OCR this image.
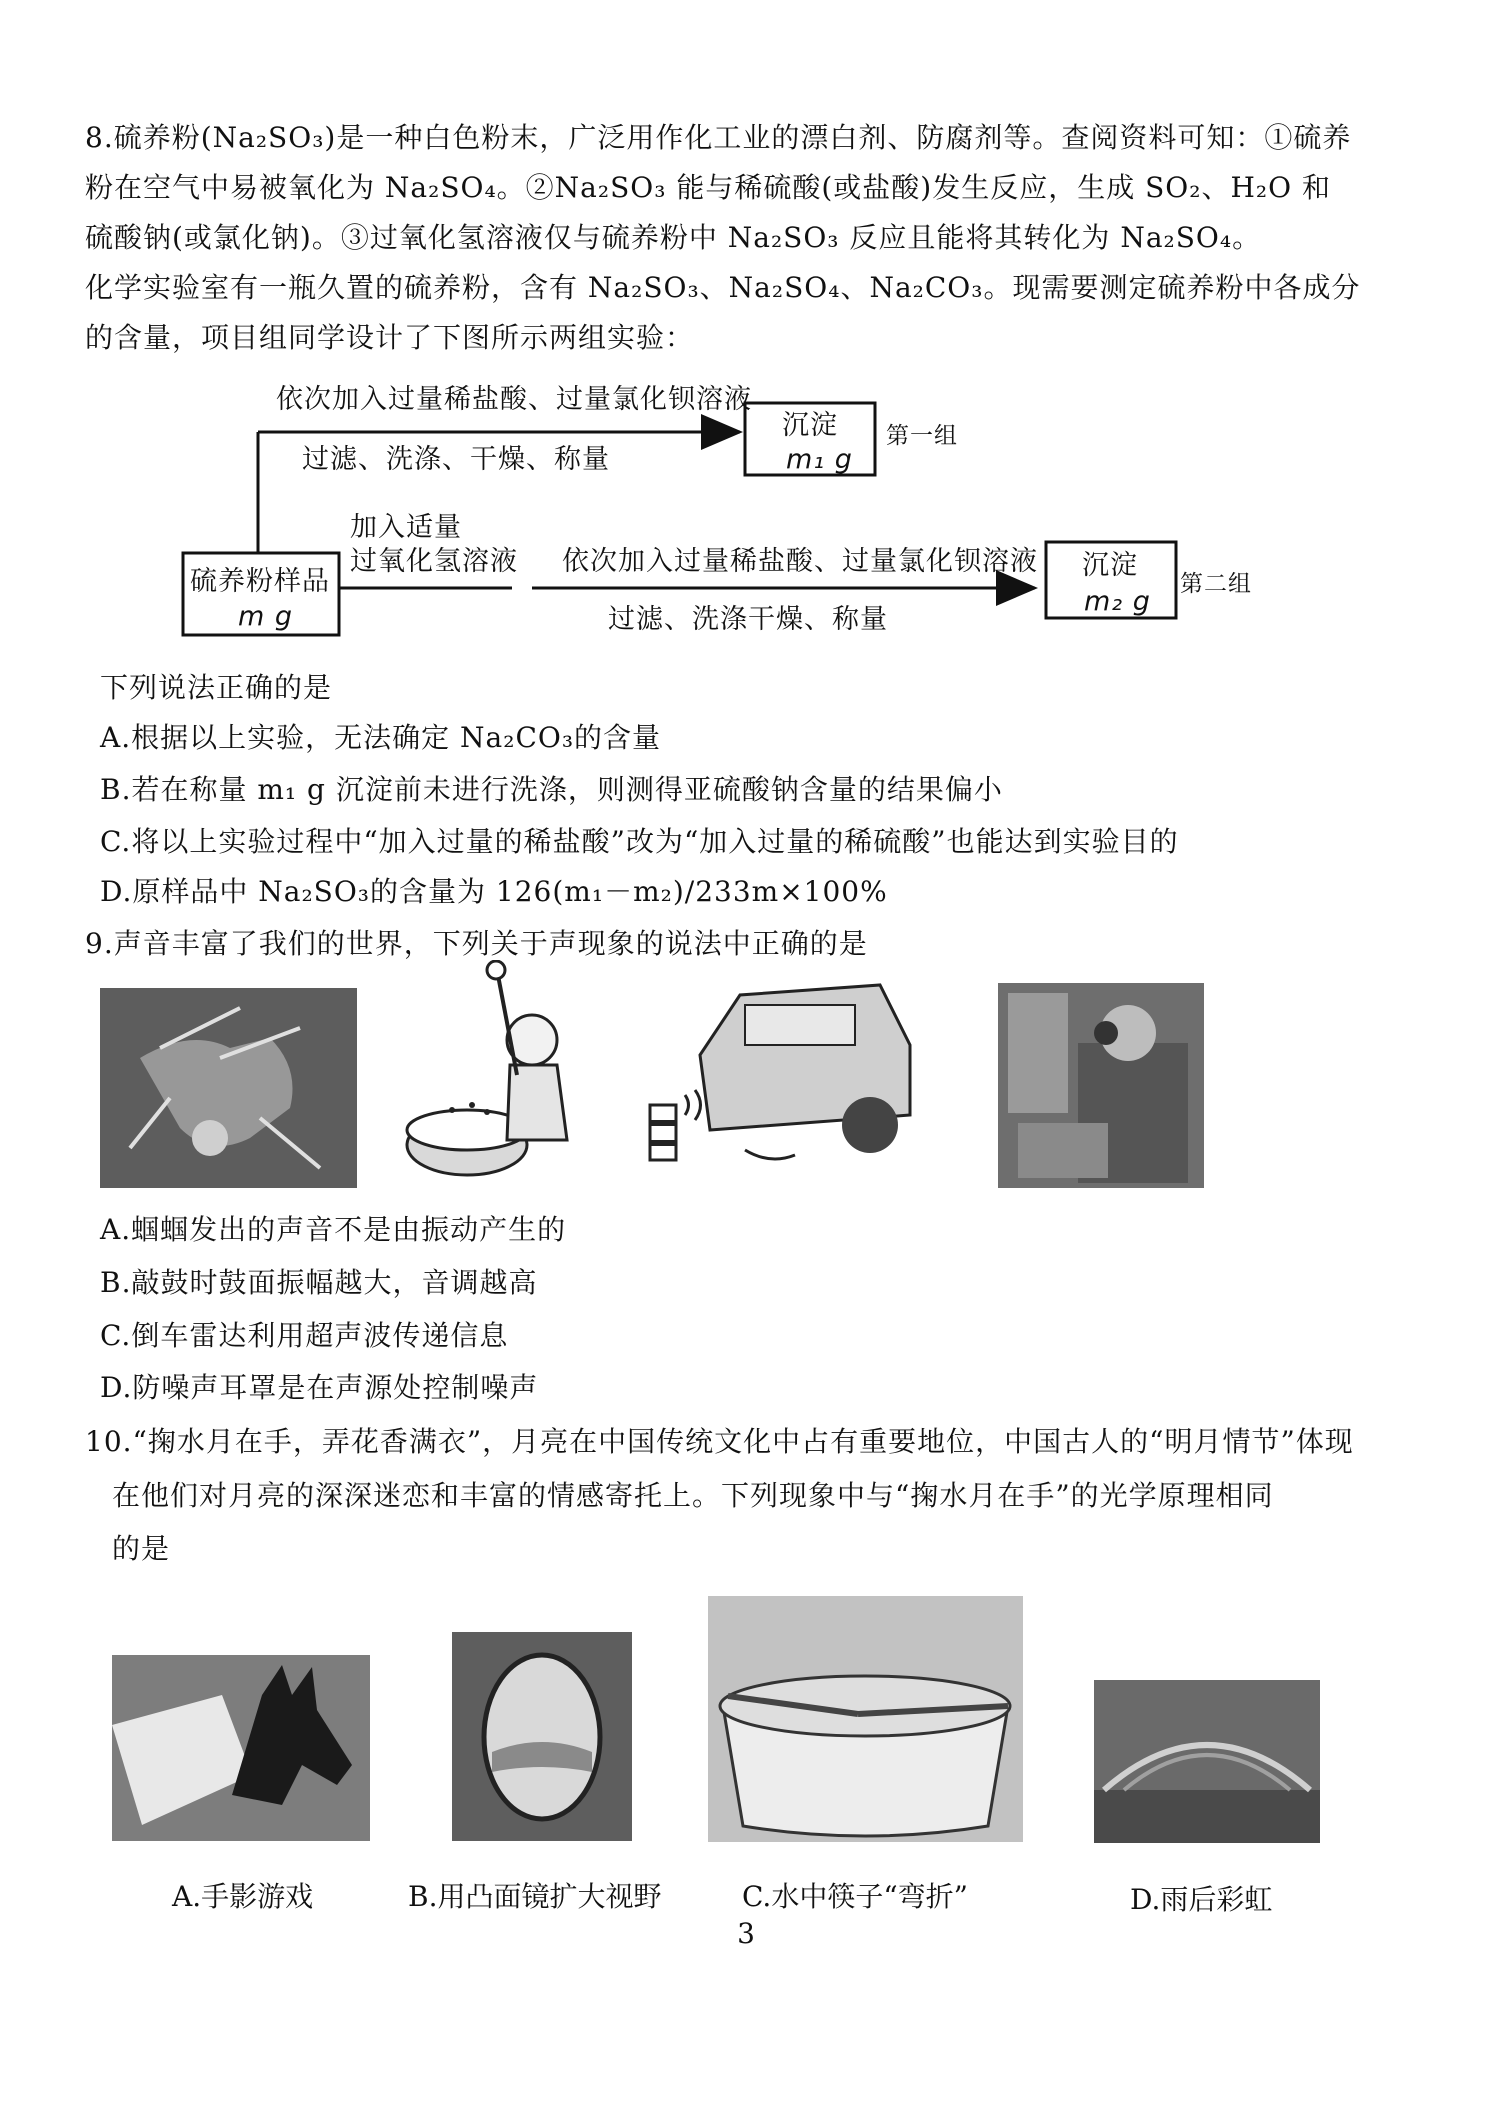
8.硫养粉(Na₂SO₃)是一种白色粉末，广泛用作化工业的漂白剂、防腐剂等。查阅资料可知：①硫养
粉在空气中易被氧化为 Na₂SO₄。②Na₂SO₃ 能与稀硫酸(或盐酸)发生反应，生成 SO₂、H₂O 和
硫酸钠(或氯化钠)。③过氧化氢溶液仅与硫养粉中 Na₂SO₃ 反应且能将其转化为 Na₂SO₄。
化学实验室有一瓶久置的硫养粉，含有 Na₂SO₃、Na₂SO₄、Na₂CO₃。现需要测定硫养粉中各成分
的含量，项目组同学设计了下图所示两组实验：
硫养粉样品
m g
依次加入过量稀盐酸、过量氯化钡溶液
过滤、洗涤、干燥、称量
沉淀
m₁ g
第一组
加入适量
过氧化氢溶液 依次加入过量稀盐酸、过量氯化钡溶液
过滤、洗涤干燥、称量
沉淀
m₂ g
第二组
下列说法正确的是
A.根据以上实验，无法确定 Na₂CO₃的含量
B.若在称量 m₁ g 沉淀前未进行洗涤，则测得亚硫酸钠含量的结果偏小
C.将以上实验过程中“加入过量的稀盐酸”改为“加入过量的稀硫酸”也能达到实验目的
D.原样品中 Na₂SO₃的含量为 126(m₁－m₂)/233m×100%
9.声音丰富了我们的世界，下列关于声现象的说法中正确的是
A.蝈蝈发出的声音不是由振动产生的
B.敲鼓时鼓面振幅越大，音调越高
C.倒车雷达利用超声波传递信息
D.防噪声耳罩是在声源处控制噪声
10.“掬水月在手，弄花香满衣”，月亮在中国传统文化中占有重要地位，中国古人的“明月情节”体现
在他们对月亮的深深迷恋和丰富的情感寄托上。下列现象中与“掬水月在手”的光学原理相同
的是
A.手影游戏	B.用凸面镜扩大视野	C.水中筷子“弯折”	D.雨后彩虹
3
